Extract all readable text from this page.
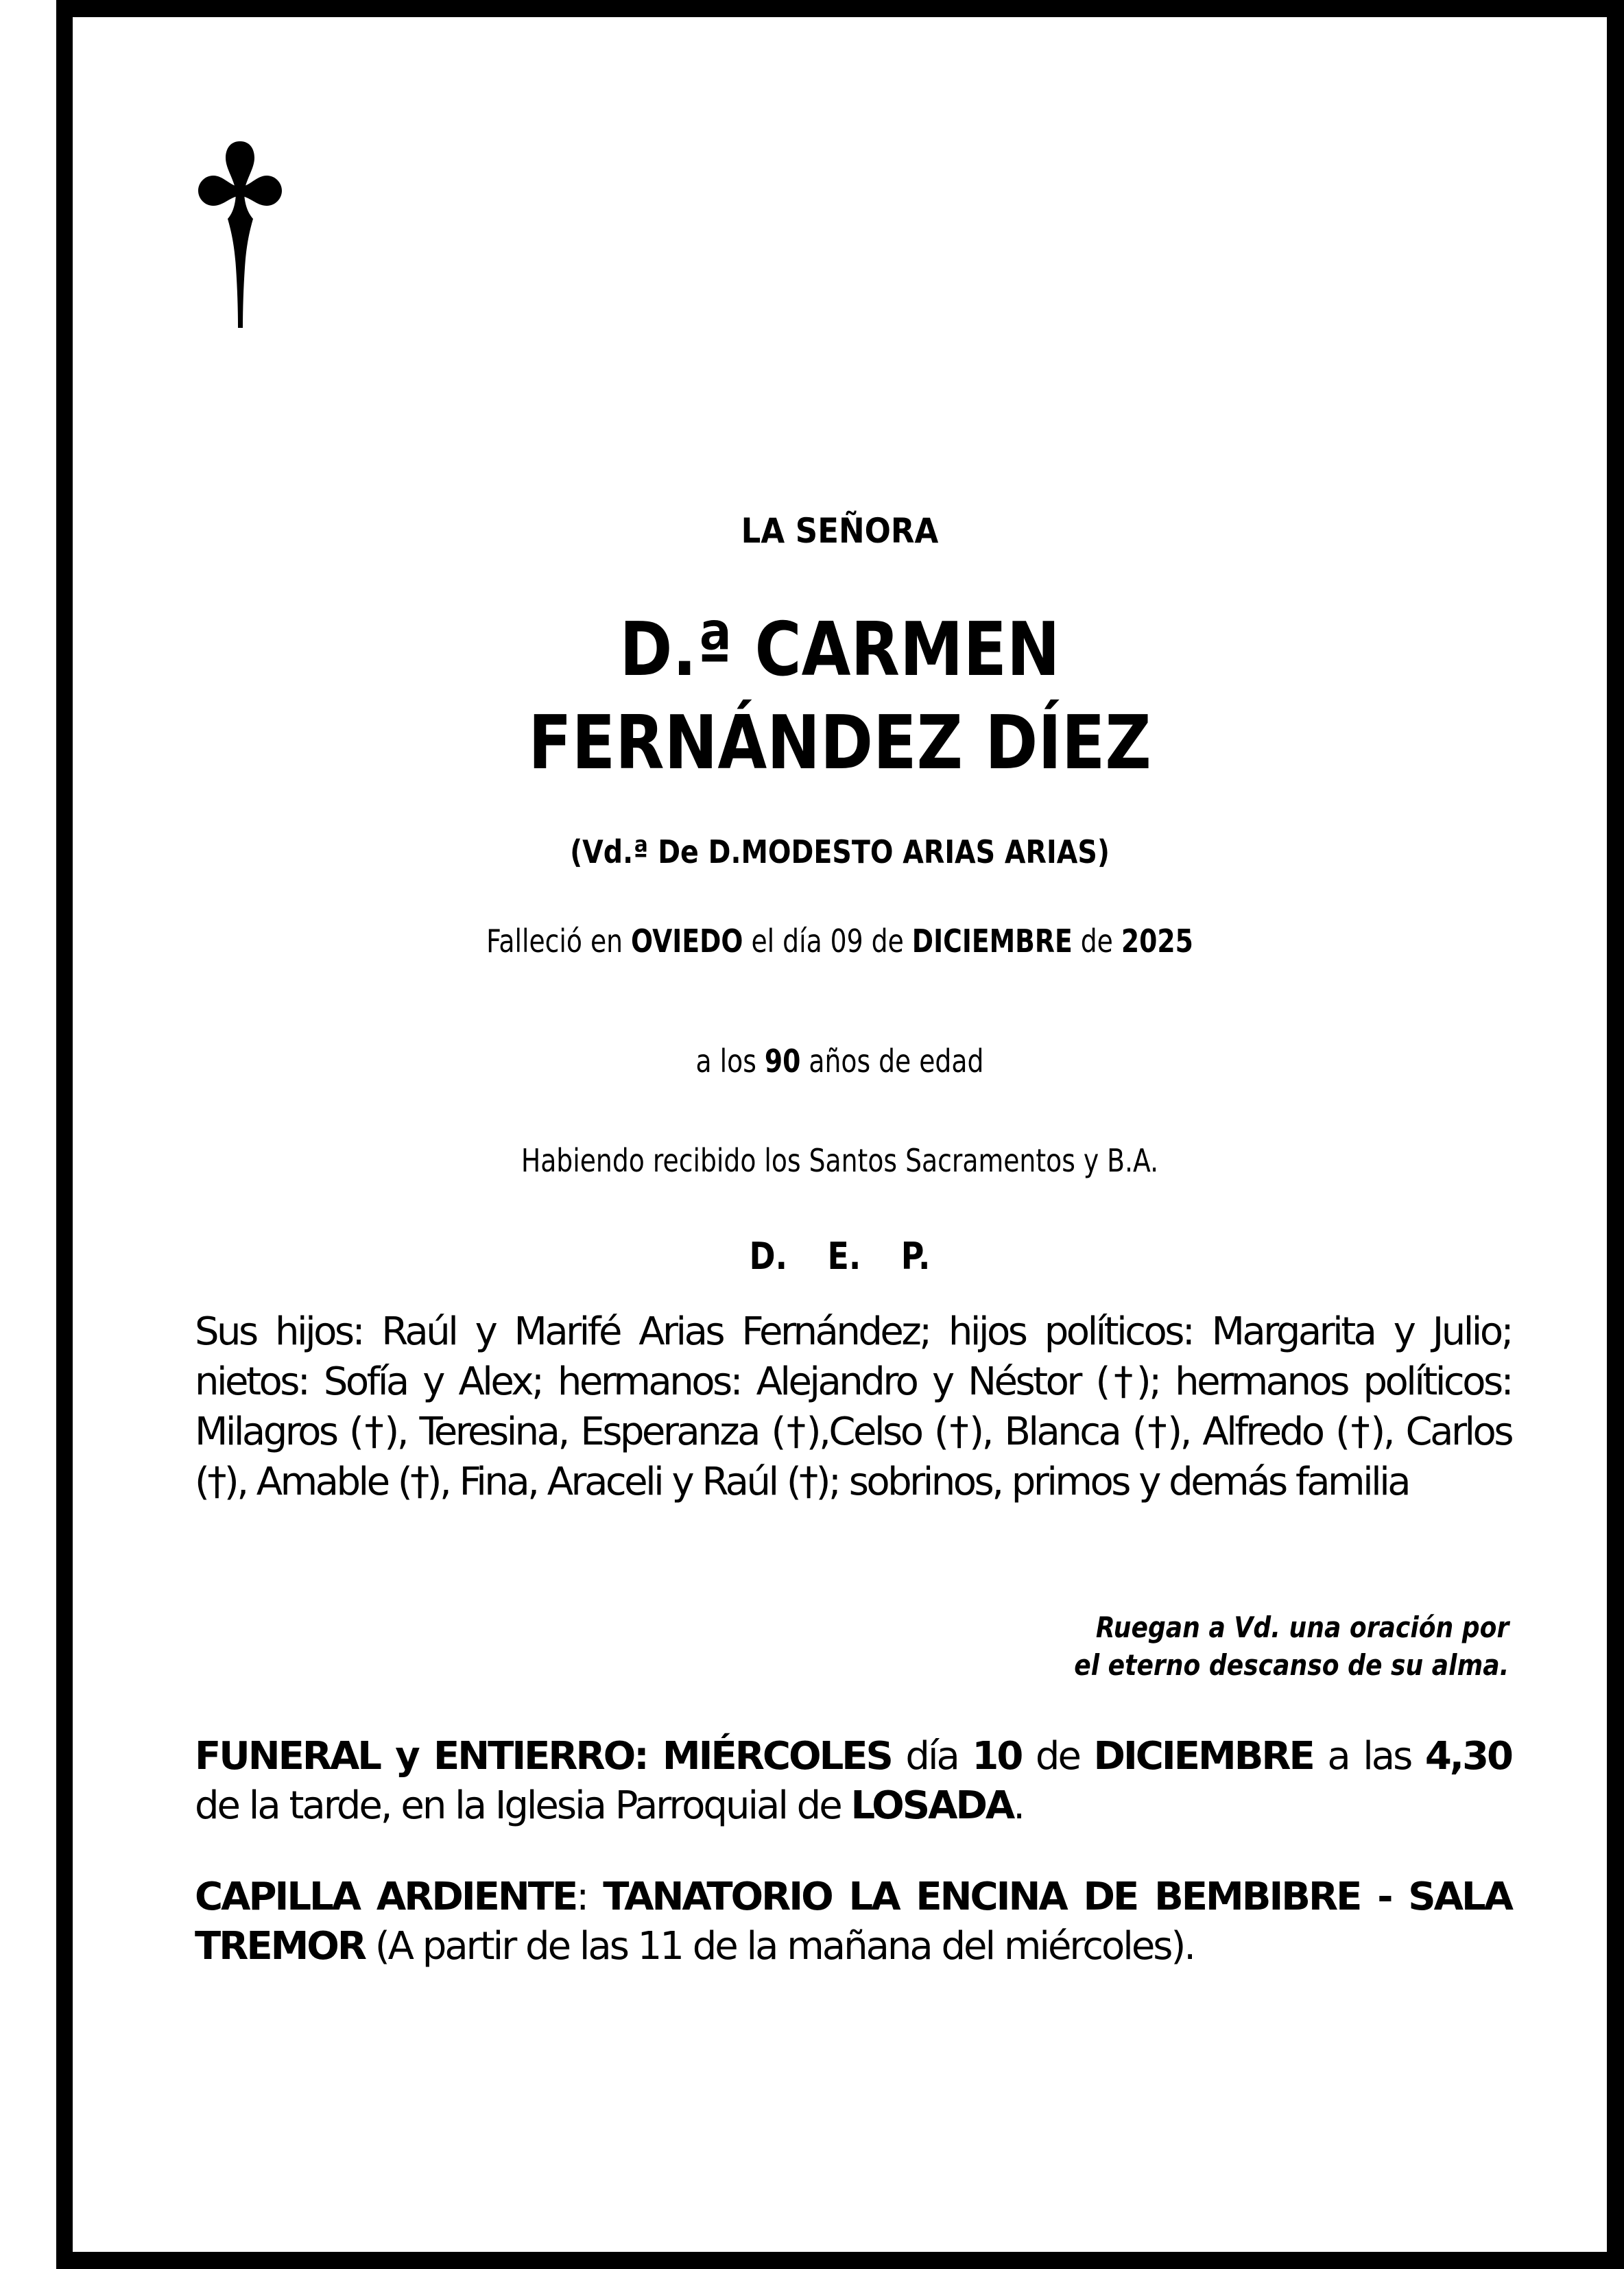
LA SEÑORA
D.ª CARMEN
FERNÁNDEZ DÍEZ
(Vd.ª De D.MODESTO ARIAS ARIAS)
Falleció en OVIEDO el día 09 de DICIEMBRE de 2025
a los 90 años de edad
Habiendo recibido los Santos Sacramentos y B.A.
D. E. P.
Sus hijos: Raúl y Marifé Arias Fernández; hijos políticos: Margarita y Julio; nietos: Sofía y Alex; hermanos: Alejandro y Néstor (†); hermanos políticos: Milagros (†), Teresina, Esperanza (†),Celso (†), Blanca (†), Alfredo (†), Carlos (†), Amable (†), Fina, Araceli y Raúl (†); sobrinos, primos y demás familia
Ruegan a Vd. una oración por
el eterno descanso de su alma.
FUNERAL y ENTIERRO: MIÉRCOLES día 10 de DICIEMBRE a las 4,30 de la tarde, en la Iglesia Parroquial de LOSADA.
CAPILLA ARDIENTE: TANATORIO LA ENCINA DE BEMBIBRE - SALA TREMOR (A partir de las 11 de la mañana del miércoles).
